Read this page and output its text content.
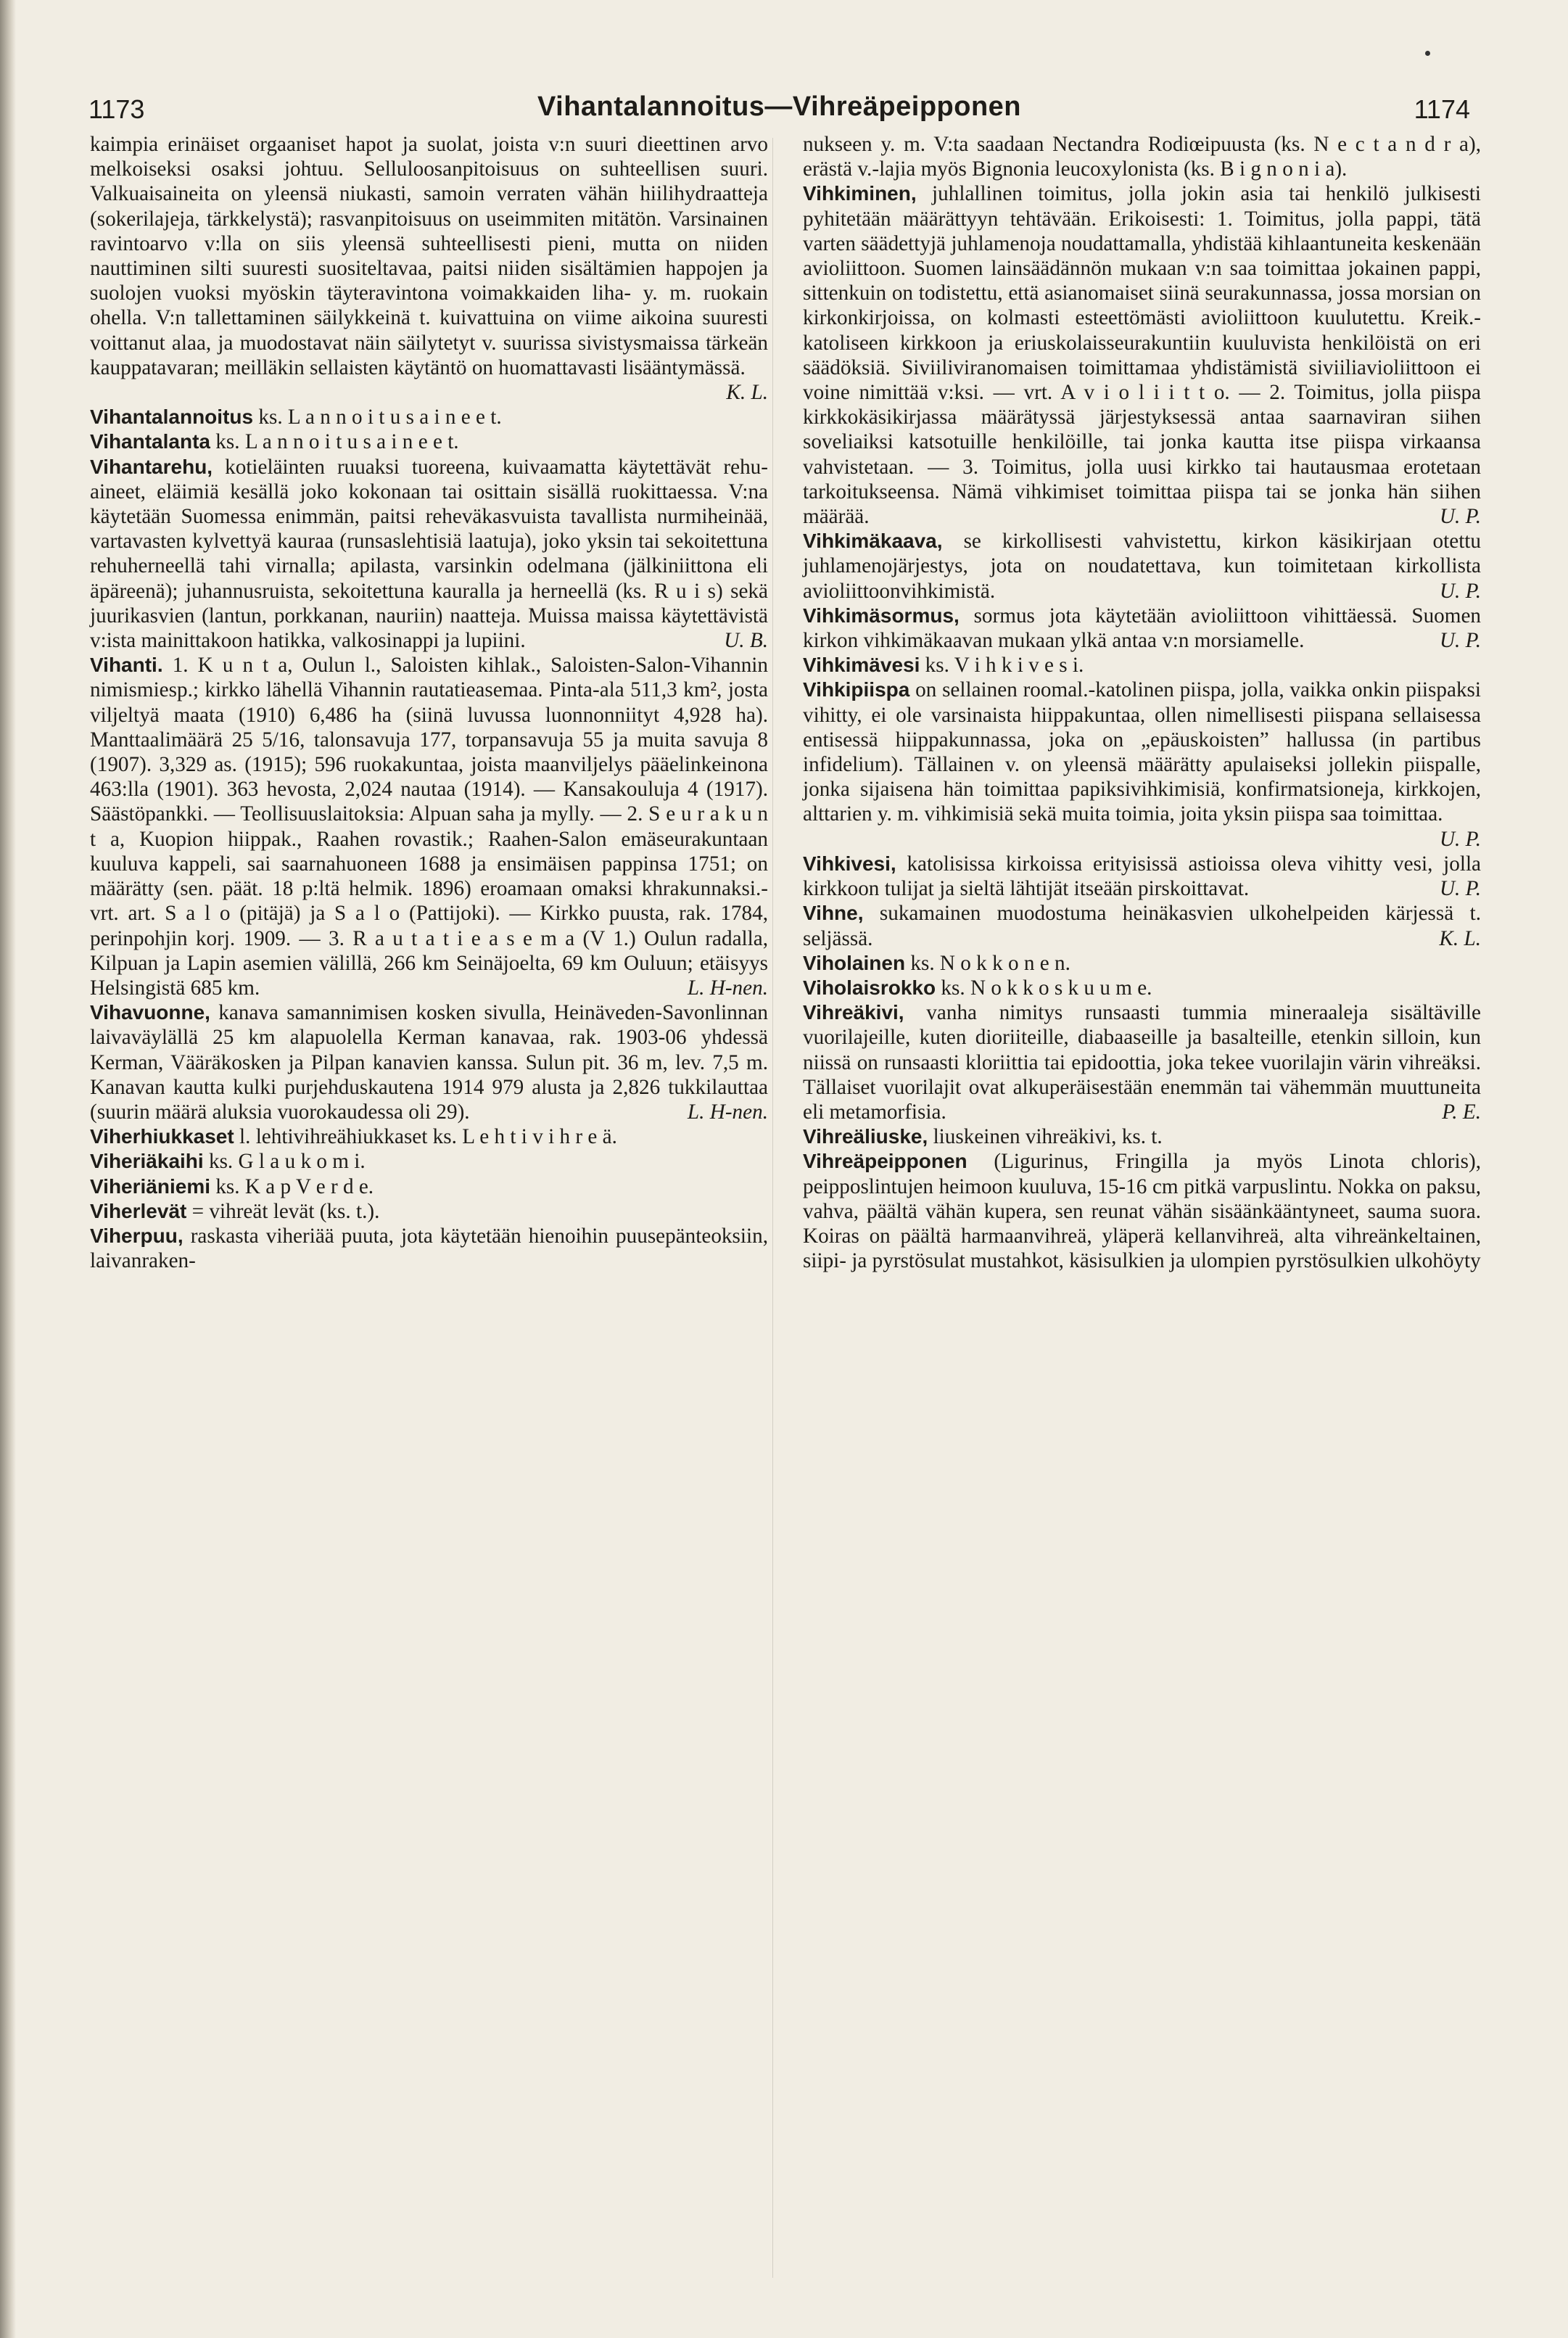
1173	Vihantalannoitus—Vihreäpeipponen	1174

kaimpia erinäiset orgaaniset hapot ja suolat, joista v:n suuri dieettinen arvo melkoiseksi osaksi johtuu. Selluloosanpitoisuus on suhteellisen suuri. Valkuaisaineita on yleensä niukasti, samoin verraten vähän hiilihydraatteja (sokerilajeja, tärkkelystä); rasvanpitoisuus on useimmiten mitätön. Varsinainen ravintoarvo v:lla on siis yleensä suhteellisesti pieni, mutta on niiden nauttiminen silti suuresti suositeltavaa, paitsi niiden sisältämien happojen ja suolojen vuoksi myöskin täyteravintona voimakkaiden liha- y. m. ruokain ohella. V:n tallettaminen säilykkeinä t. kuivattuina on viime aikoina suuresti voittanut alaa, ja muodostavat näin säilytetyt v. suurissa sivistysmaissa tärkeän kauppatavaran; meilläkin sellaisten käytäntö on huomattavasti lisääntymässä.
K. L.

Vihantalannoitus ks. L a n n o i t u s a i n e e t.

Vihantalanta ks. L a n n o i t u s a i n e e t.

Vihantarehu, kotieläinten ruuaksi tuoreena, kuivaamatta käytettävät rehu-aineet, eläimiä kesällä joko kokonaan tai osittain sisällä ruokittaessa. V:na käytetään Suomessa enimmän, paitsi reheväkasvuista tavallista nurmiheinää, vartavasten kylvettyä kauraa (runsaslehtisiä laatuja), joko yksin tai sekoitettuna rehuherneellä tahi virnalla; apilasta, varsinkin odelmana (jälkiniittona eli äpäreenä); juhannusruista, sekoitettuna kauralla ja herneellä (ks. R u i s) sekä juurikasvien (lantun, porkkanan, nauriin) naatteja. Muissa maissa käytettävistä v:ista mainittakoon hatikka, valkosinappi ja lupiini.	U. B.

Vihanti. 1. K u n t a, Oulun l., Saloisten kihlak., Saloisten-Salon-Vihannin nimismiesp.; kirkko lähellä Vihannin rautatieasemaa. Pinta-ala 511,3 km², josta viljeltyä maata (1910) 6,486 ha (siinä luvussa luonnonniityt 4,928 ha). Manttaalimäärä 25 5/16, talonsavuja 177, torpansavuja 55 ja muita savuja 8 (1907). 3,329 as. (1915); 596 ruokakuntaa, joista maanviljelys pääelinkeinona 463:lla (1901). 363 hevosta, 2,024 nautaa (1914). — Kansakouluja 4 (1917). Säästöpankki. — Teollisuuslaitoksia: Alpuan saha ja mylly. — 2. S e u r a k u n t a, Kuopion hiippak., Raahen rovastik.; Raahen-Salon emäseurakuntaan kuuluva kappeli, sai saarnahuoneen 1688 ja ensimäisen pappinsa 1751; on määrätty (sen. päät. 18 p:ltä helmik. 1896) eroamaan omaksi khrakunnaksi.- vrt. art. S a l o (pitäjä) ja S a l o (Pattijoki). — Kirkko puusta, rak. 1784, perinpohjin korj. 1909. — 3. R a u t a t i e a s e m a (V 1.) Oulun radalla, Kilpuan ja Lapin asemien välillä, 266 km Seinäjoelta, 69 km Ouluun; etäisyys Helsingistä 685 km.	L. H-nen.

Vihavuonne, kanava samannimisen kosken sivulla, Heinäveden-Savonlinnan laivaväylällä 25 km alapuolella Kerman kanavaa, rak. 1903-06 yhdessä Kerman, Vääräkosken ja Pilpan kanavien kanssa. Sulun pit. 36 m, lev. 7,5 m. Kanavan kautta kulki purjehduskautena 1914 979 alusta ja 2,826 tukkilauttaa (suurin määrä aluksia vuorokaudessa oli 29).	L. H-nen.

Viherhiukkaset l. lehtivihreähiukkaset ks. L e h t i v i h r e ä.

Viheriäkaihi ks. G l a u k o m i.

Viheriäniemi ks. K a p V e r d e.

Viherlevät = vihreät levät (ks. t.).

Viherpuu, raskasta viheriää puuta, jota käytetään hienoihin puusepänteoksiin, laivanraken-

nukseen y. m. V:ta saadaan Nectandra Rodiœipuusta (ks. N e c t a n d r a), erästä v.-lajia myös Bignonia leucoxylonista (ks. B i g n o n i a).

Vihkiminen, juhlallinen toimitus, jolla jokin asia tai henkilö julkisesti pyhitetään määrättyyn tehtävään. Erikoisesti: 1. Toimitus, jolla pappi, tätä varten säädettyjä juhlamenoja noudattamalla, yhdistää kihlaantuneita keskenään avioliittoon. Suomen lainsäädännön mukaan v:n saa toimittaa jokainen pappi, sittenkuin on todistettu, että asianomaiset siinä seurakunnassa, jossa morsian on kirkonkirjoissa, on kolmasti esteettömästi avioliittoon kuulutettu. Kreik.-katoliseen kirkkoon ja eriuskolaisseurakuntiin kuuluvista henkilöistä on eri säädöksiä. Siviiliviranomaisen toimittamaa yhdistämistä siviiliavioliittoon ei voine nimittää v:ksi. — vrt. A v i o l i i t t o. — 2. Toimitus, jolla piispa kirkkokäsikirjassa määrätyssä järjestyksessä antaa saarnaviran siihen soveliaiksi katsotuille henkilöille, tai jonka kautta itse piispa virkaansa vahvistetaan. — 3. Toimitus, jolla uusi kirkko tai hautausmaa erotetaan tarkoitukseensa. Nämä vihkimiset toimittaa piispa tai se jonka hän siihen määrää.	U. P.

Vihkimäkaava, se kirkollisesti vahvistettu, kirkon käsikirjaan otettu juhlamenojärjestys, jota on noudatettava, kun toimitetaan kirkollista avioliittoonvihkimistä.	U. P.

Vihkimäsormus, sormus jota käytetään avioliittoon vihittäessä. Suomen kirkon vihkimäkaavan mukaan ylkä antaa v:n morsiamelle.	U. P.

Vihkimävesi ks. V i h k i v e s i.

Vihkipiispa on sellainen roomal.-katolinen piispa, jolla, vaikka onkin piispaksi vihitty, ei ole varsinaista hiippakuntaa, ollen nimellisesti piispana sellaisessa entisessä hiippakunnassa, joka on „epäuskoisten” hallussa (in partibus infidelium). Tällainen v. on yleensä määrätty apulaiseksi jollekin piispalle, jonka sijaisena hän toimittaa papiksivihkimisiä, konfirmatsioneja, kirkkojen, alttarien y. m. vihkimisiä sekä muita toimia, joita yksin piispa saa toimittaa.
U. P.

Vihkivesi, katolisissa kirkoissa erityisissä astioissa oleva vihitty vesi, jolla kirkkoon tulijat ja sieltä lähtijät itseään pirskoittavat.	U. P.

Vihne, sukamainen muodostuma heinäkasvien ulkohelpeiden kärjessä t. seljässä.	K. L.

Viholainen ks. N o k k o n e n.

Viholaisrokko ks. N o k k o s k u u m e.

Vihreäkivi, vanha nimitys runsaasti tummia mineraaleja sisältäville vuorilajeille, kuten dioriiteille, diabaaseille ja basalteille, etenkin silloin, kun niissä on runsaasti kloriittia tai epidoottia, joka tekee vuorilajin värin vihreäksi. Tällaiset vuorilajit ovat alkuperäisestään enemmän tai vähemmän muuttuneita eli metamorfisia.	P. E.

Vihreäliuske, liuskeinen vihreäkivi, ks. t.

Vihreäpeipponen (Ligurinus, Fringilla ja myös Linota chloris), peipposlintujen heimoon kuuluva, 15-16 cm pitkä varpuslintu. Nokka on paksu, vahva, päältä vähän kupera, sen reunat vähän sisäänkääntyneet, sauma suora. Koiras on päältä harmaanvihreä, yläperä kellanvihreä, alta vihreänkeltainen, siipi- ja pyrstösulat mustahkot, käsisulkien ja ulompien pyrstösulkien ulkohöyty
